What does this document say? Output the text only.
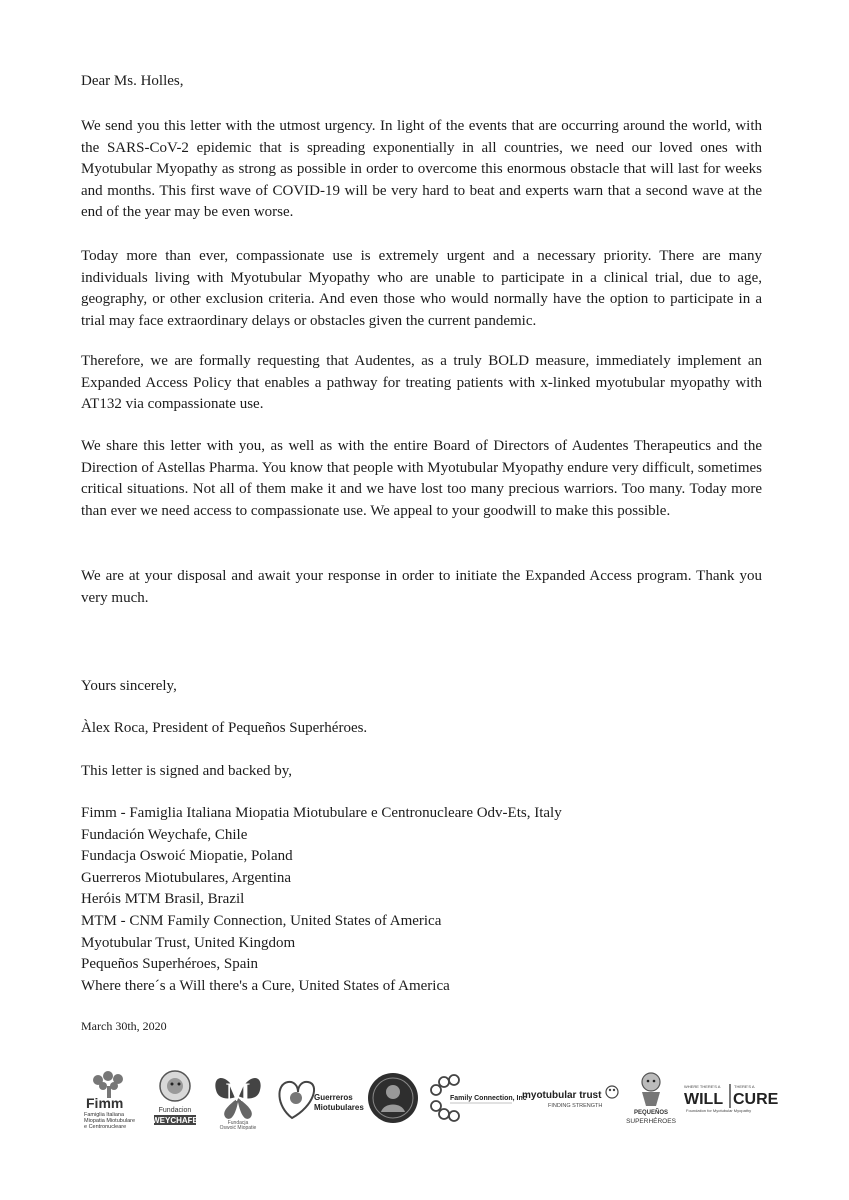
Dear Ms. Holles,

We send you this letter with the utmost urgency. In light of the events that are occurring around the world, with the SARS-CoV-2 epidemic that is spreading exponentially in all countries, we need our loved ones with Myotubular Myopathy as strong as possible in order to overcome this enormous obstacle that will last for weeks and months. This first wave of COVID-19 will be very hard to beat and experts warn that a second wave at the end of the year may be even worse.

Today more than ever, compassionate use is extremely urgent and a necessary priority. There are many individuals living with Myotubular Myopathy who are unable to participate in a clinical trial, due to age, geography, or other exclusion criteria. And even those who would normally have the option to participate in a trial may face extraordinary delays or obstacles given the current pandemic.

Therefore, we are formally requesting that Audentes, as a truly BOLD measure, immediately implement an Expanded Access Policy that enables a pathway for treating patients with x-linked myotubular myopathy with AT132 via compassionate use.

We share this letter with you, as well as with the entire Board of Directors of Audentes Therapeutics and the Direction of Astellas Pharma. You know that people with Myotubular Myopathy endure very difficult, sometimes critical situations. Not all of them make it and we have lost too many precious warriors. Too many. Today more than ever we need access to compassionate use. We appeal to your goodwill to make this possible.

We are at your disposal and await your response in order to initiate the Expanded Access program. Thank you very much.

Yours sincerely,
Àlex Roca, President of Pequeños Superhéroes.
This letter is signed and backed by,
Fimm - Famiglia Italiana Miopatia Miotubulare e Centronucleare Odv-Ets, Italy
Fundación Weychafe, Chile
Fundacja Oswoić Miopatie, Poland
Guerreros Miotubulares, Argentina
Heróis MTM Brasil, Brazil
MTM - CNM Family Connection, United States of America
Myotubular Trust, United Kingdom
Pequeños Superhéroes, Spain
Where there´s a Will there's a Cure, United States of America
March 30th, 2020
Fimm
Famiglia Italiana
Miopatia Miotubulare
e Centronucleare
Fundacion
WEYCHAFE
M
Fundacja
Oswoić Miopatie
Guerreros
Miotubulares
Family Connection, Inc
myotubular trust
FINDING STRENGTH
PEQUEÑOS
SUPERHÉROES
WHERE THERE'S A	THERE'S A
WILL CURE
Foundation for Myotubular Myopathy
